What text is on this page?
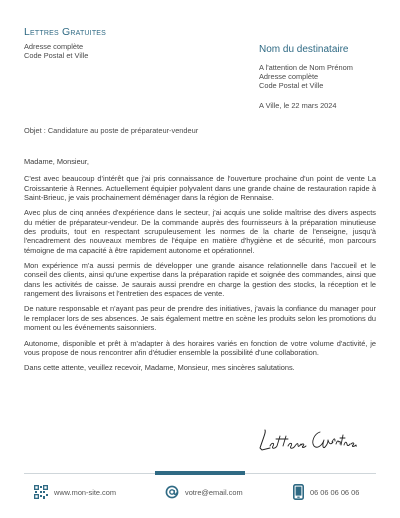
Lettres Gratuites
Adresse complète
Code Postal et Ville
Nom du destinataire
A l'attention de Nom Prénom
Adresse complète
Code Postal et Ville
A Ville, le 22 mars 2024
Objet : Candidature au poste de préparateur-vendeur

Madame, Monsieur,

C'est avec beaucoup d'intérêt que j'ai pris connaissance de l'ouverture prochaine d'un point de vente La Croissanterie à Rennes. Actuellement équipier polyvalent dans une grande chaine de restauration rapide à Saint-Brieuc, je vais prochainement déménager dans la région de Rennaise.

Avec plus de cinq années d'expérience dans le secteur, j'ai acquis une solide maîtrise des divers aspects du métier de préparateur-vendeur. De la commande auprès des fournisseurs à la préparation minutieuse des produits, tout en respectant scrupuleusement les normes de la charte de l'enseigne, jusqu'à l'encadrement des nouveaux membres de l'équipe en matière d'hygiène et de sécurité, mon parcours témoigne de ma capacité à être rapidement autonome et opérationnel.

Mon expérience m'a aussi permis de développer une grande aisance relationnelle dans l'accueil et le conseil des clients, ainsi qu'une expertise dans la préparation rapide et soignée des commandes, ainsi que dans les activités de caisse. Je saurais aussi prendre en charge la gestion des stocks, la réception et le rangement des livraisons et l'entretien des espaces de vente.

De nature responsable et n'ayant pas peur de prendre des initiatives, j'avais la confiance du manager pour le remplacer lors de ses absences. Je sais également mettre en scène les produits selon les promotions du moment ou les événements saisonniers.

Autonome, disponible et prêt à m'adapter à des horaires variés en fonction de votre volume d'activité, je vous propose de nous rencontrer afin d'étudier ensemble la possibilité d'une collaboration.

Dans cette attente, veuillez recevoir, Madame, Monsieur, mes sincères salutations.

www.mon-site.com	votre@email.com	06 06 06 06 06
